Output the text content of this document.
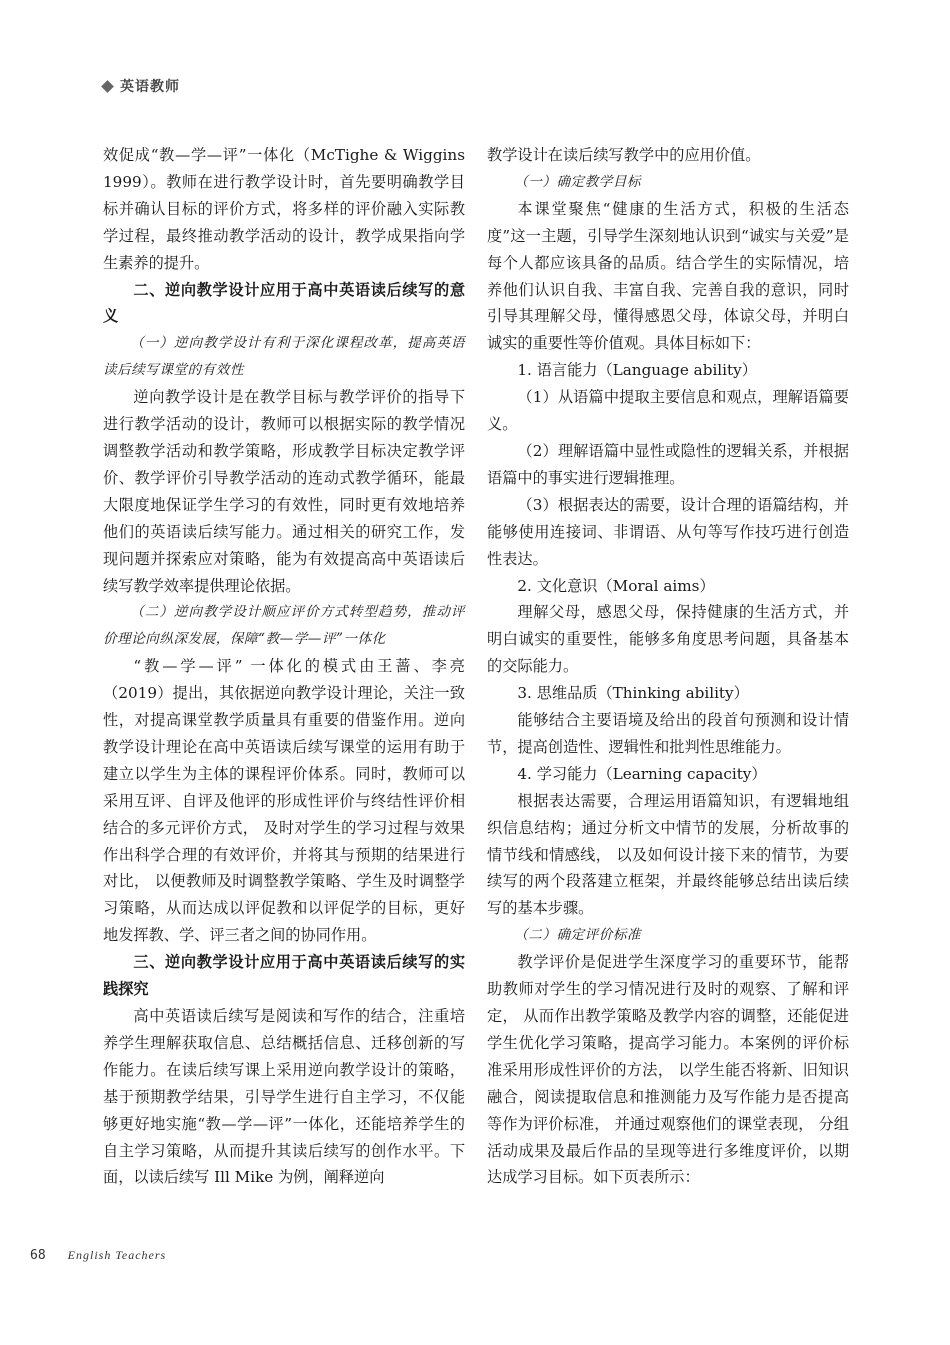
英语教师

效促成“教—学—评”一体化（McTighe & Wiggins 1999）。教师在进行教学设计时，首先要明确教学目标并确认目标的评价方式，将多样的评价融入实际教学过程，最终推动教学活动的设计，教学成果指向学生素养的提升。

二、逆向教学设计应用于高中英语读后续写的意义
（一）逆向教学设计有利于深化课程改革，提高英语读后续写课堂的有效性

逆向教学设计是在教学目标与教学评价的指导下进行教学活动的设计，教师可以根据实际的教学情况调整教学活动和教学策略，形成教学目标决定教学评价、教学评价引导教学活动的连动式教学循环，能最大限度地保证学生学习的有效性，同时更有效地培养他们的英语读后续写能力。通过相关的研究工作，发现问题并探索应对策略，能为有效提高高中英语读后续写教学效率提供理论依据。

（二）逆向教学设计顺应评价方式转型趋势，推动评价理论向纵深发展，保障“教—学—评”一体化

“教—学—评” 一体化的模式由王蔷、李亮（2019）提出，其依据逆向教学设计理论，关注一致性，对提高课堂教学质量具有重要的借鉴作用。逆向教学设计理论在高中英语读后续写课堂的运用有助于建立以学生为主体的课程评价体系。同时，教师可以采用互评、自评及他评的形成性评价与终结性评价相结合的多元评价方式， 及时对学生的学习过程与效果作出科学合理的有效评价，并将其与预期的结果进行对比， 以便教师及时调整教学策略、学生及时调整学习策略，从而达成以评促教和以评促学的目标，更好地发挥教、学、评三者之间的协同作用。

三、逆向教学设计应用于高中英语读后续写的实践探究

高中英语读后续写是阅读和写作的结合，注重培养学生理解获取信息、总结概括信息、迁移创新的写作能力。在读后续写课上采用逆向教学设计的策略，基于预期教学结果，引导学生进行自主学习，不仅能够更好地实施“教—学—评”一体化，还能培养学生的自主学习策略，从而提升其读后续写的创作水平。下面，以读后续写 Ill Mike 为例，阐释逆向

教学设计在读后续写教学中的应用价值。

（一）确定教学目标

本课堂聚焦“健康的生活方式，积极的生活态度”这一主题，引导学生深刻地认识到“诚实与关爱”是每个人都应该具备的品质。结合学生的实际情况，培养他们认识自我、丰富自我、完善自我的意识，同时引导其理解父母，懂得感恩父母，体谅父母，并明白诚实的重要性等价值观。具体目标如下：

1. 语言能力（Language ability）

（1）从语篇中提取主要信息和观点，理解语篇要义。

（2）理解语篇中显性或隐性的逻辑关系，并根据语篇中的事实进行逻辑推理。

（3）根据表达的需要，设计合理的语篇结构，并能够使用连接词、非谓语、从句等写作技巧进行创造性表达。

2. 文化意识（Moral aims）

理解父母，感恩父母，保持健康的生活方式，并明白诚实的重要性，能够多角度思考问题，具备基本的交际能力。

3. 思维品质（Thinking ability）

能够结合主要语境及给出的段首句预测和设计情节，提高创造性、逻辑性和批判性思维能力。

4. 学习能力（Learning capacity）

根据表达需要，合理运用语篇知识，有逻辑地组织信息结构；通过分析文中情节的发展，分析故事的情节线和情感线， 以及如何设计接下来的情节，为要续写的两个段落建立框架，并最终能够总结出读后续写的基本步骤。

（二）确定评价标准

教学评价是促进学生深度学习的重要环节，能帮助教师对学生的学习情况进行及时的观察、了解和评定， 从而作出教学策略及教学内容的调整，还能促进学生优化学习策略，提高学习能力。本案例的评价标准采用形成性评价的方法， 以学生能否将新、旧知识融合，阅读提取信息和推测能力及写作能力是否提高等作为评价标准， 并通过观察他们的课堂表现， 分组活动成果及最后作品的呈现等进行多维度评价，以期达成学习目标。如下页表所示：

68 English Teachers
